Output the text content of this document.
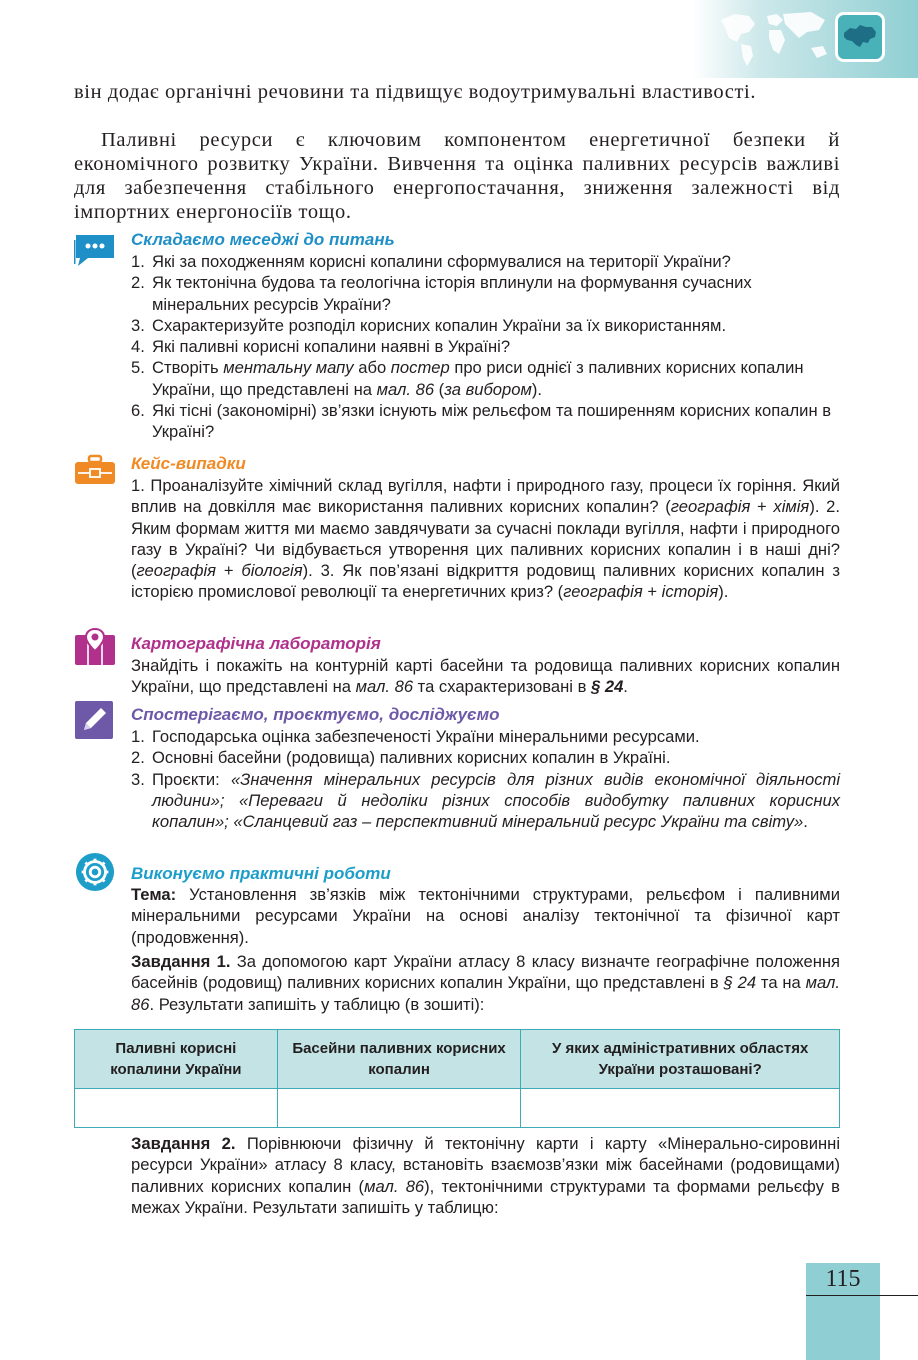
він додає органічні речовини та підвищує водоутримувальні властивості.

Паливні ресурси є ключовим компонентом енергетичної безпеки й економічного розвитку України. Вивчення та оцінка паливних ресурсів важливі для забезпечення стабільного енергопостачання, зниження залежності від імпортних енергоносіїв тощо.

Складаємо меседжі до питань
1. Які за походженням корисні копалини сформувалися на території України?
2. Як тектонічна будова та геологічна історія вплинули на формування сучасних мінеральних ресурсів України?
3. Схарактеризуйте розподіл корисних копалин України за їх використанням.
4. Які паливні корисні копалини наявні в Україні?
5. Створіть ментальну мапу або постер про риси однієї з паливних корисних копалин України, що представлені на мал. 86 (за вибором).
6. Які тісні (закономірні) зв’язки існують між рельєфом та поширенням корисних копалин в Україні?
Кейс-випадки

1. Проаналізуйте хімічний склад вугілля, нафти і природного газу, процеси їх горіння. Який вплив на довкілля має використання паливних корисних копалин? (географія + хімія). 2. Яким формам життя ми маємо завдячувати за сучасні поклади вугілля, нафти і природного газу в Україні? Чи відбувається утворення цих паливних корисних копалин і в наші дні? (географія + біологія). 3. Як пов’язані відкриття родовищ паливних корисних копалин з історією промислової революції та енергетичних криз? (географія + історія).

Картографічна лабораторія

Знайдіть і покажіть на контурній карті басейни та родовища паливних корисних копалин України, що представлені на мал. 86 та схарактеризовані в § 24.

Спостерігаємо, проєктуємо, досліджуємо
1. Господарська оцінка забезпеченості України мінеральними ресурсами.
2. Основні басейни (родовища) паливних корисних копалин в Україні.
3. Проєкти: «Значення мінеральних ресурсів для різних видів економічної діяльності людини»; «Переваги й недоліки різних способів видобутку паливних корисних копалин»; «Сланцевий газ – перспективний мінеральний ресурс України та світу».
Виконуємо практичні роботи

Тема: Установлення зв’язків між тектонічними структурами, рельєфом і паливними мінеральними ресурсами України на основі аналізу тектонічної та фізичної карт (продовження).

Завдання 1. За допомогою карт України атласу 8 класу визначте географічне положення басейнів (родовищ) паливних корисних копалин України, що представлені в § 24 та на мал. 86. Результати запишіть у таблицю (в зошиті):

Паливні корисні копалини України	Басейни паливних корисних копалин	У яких адміністративних областях України розташовані?

Завдання 2. Порівнюючи фізичну й тектонічну карти і карту «Мінерально-сировинні ресурси України» атласу 8 класу, встановіть взаємозв’язки між басейнами (родовищами) паливних корисних копалин (мал. 86), тектонічними структурами та формами рельєфу в межах України. Результати запишіть у таблицю:

115
